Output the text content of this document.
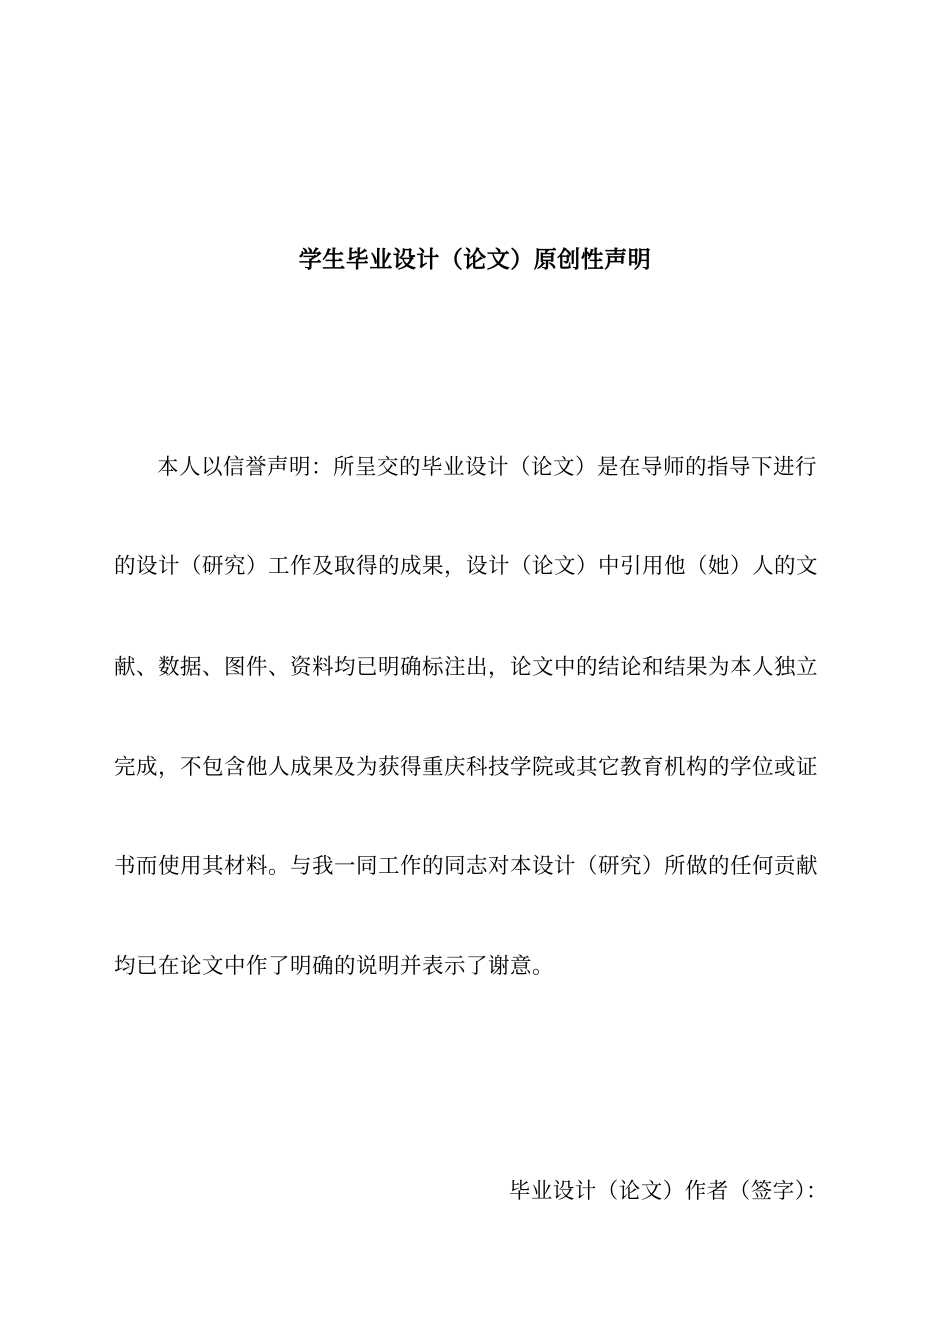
学生毕业设计（论文）原创性声明

本人以信誉声明：所呈交的毕业设计（论文）是在导师的指导下进行

的设计（研究）工作及取得的成果，设计（论文）中引用他（她）人的文

献、数据、图件、资料均已明确标注出，论文中的结论和结果为本人独立

完成，不包含他人成果及为获得重庆科技学院或其它教育机构的学位或证

书而使用其材料。与我一同工作的同志对本设计（研究）所做的任何贡献

均已在论文中作了明确的说明并表示了谢意。

毕业设计（论文）作者（签字）：
